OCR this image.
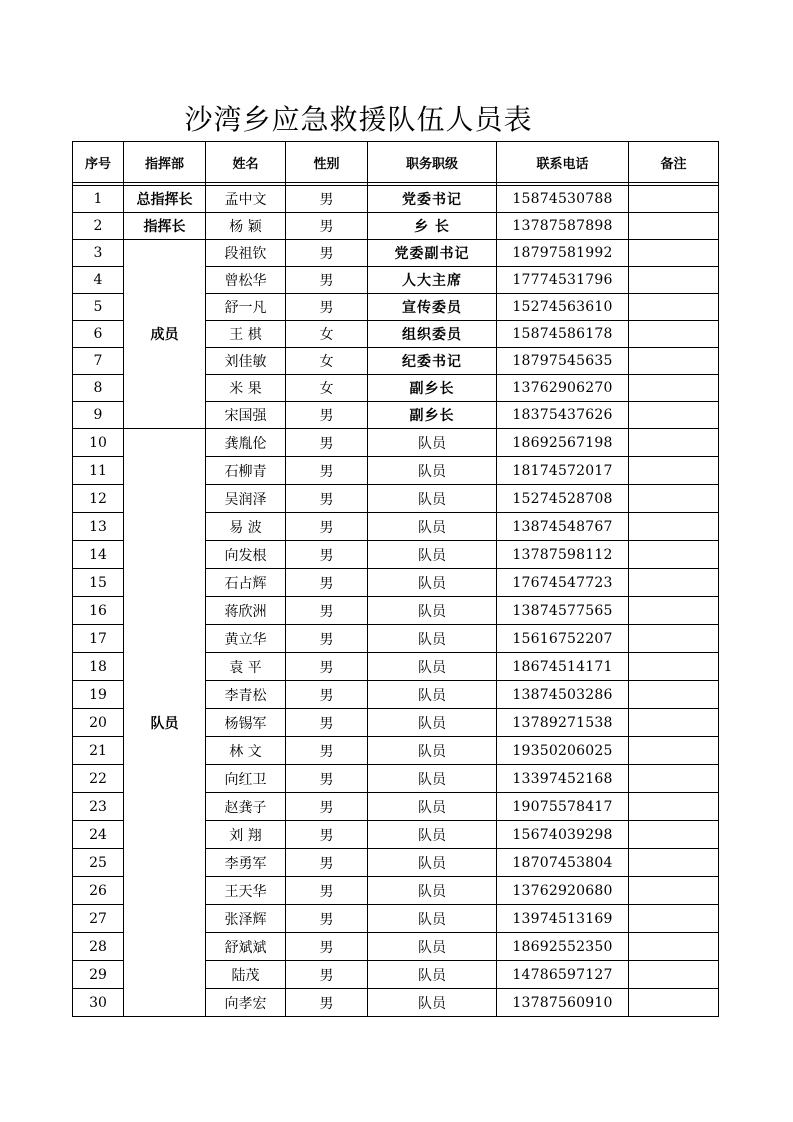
沙湾乡应急救援队伍人员表
序号	指挥部	姓名	性别	职务职级	联系电话	备注

1	总指挥长	孟中文	男	党委书记	15874530788	
2	指挥长	杨 颖	男	乡 长	13787587898	
3	成员	段祖钦	男	党委副书记	18797581992	
4		曾松华	男	人大主席	17774531796	
5		舒一凡	男	宣传委员	15274563610	
6		王 棋	女	组织委员	15874586178	
7		刘佳敏	女	纪委书记	18797545635	
8		米 果	女	副乡长	13762906270	
9		宋国强	男	副乡长	18375437626	
10	队员	龚胤伦	男	队员	18692567198	
11		石柳青	男	队员	18174572017	
12		吴润泽	男	队员	15274528708	
13		易 波	男	队员	13874548767	
14		向发根	男	队员	13787598112	
15		石占辉	男	队员	17674547723	
16		蒋欣洲	男	队员	13874577565	
17		黄立华	男	队员	15616752207	
18		袁 平	男	队员	18674514171	
19		李青松	男	队员	13874503286	
20		杨锡军	男	队员	13789271538	
21		林 文	男	队员	19350206025	
22		向红卫	男	队员	13397452168	
23		赵龚子	男	队员	19075578417	
24		刘 翔	男	队员	15674039298	
25		李勇军	男	队员	18707453804	
26		王天华	男	队员	13762920680	
27		张泽辉	男	队员	13974513169	
28		舒斌斌	男	队员	18692552350	
29		陆茂	男	队员	14786597127	
30		向孝宏	男	队员	13787560910	
